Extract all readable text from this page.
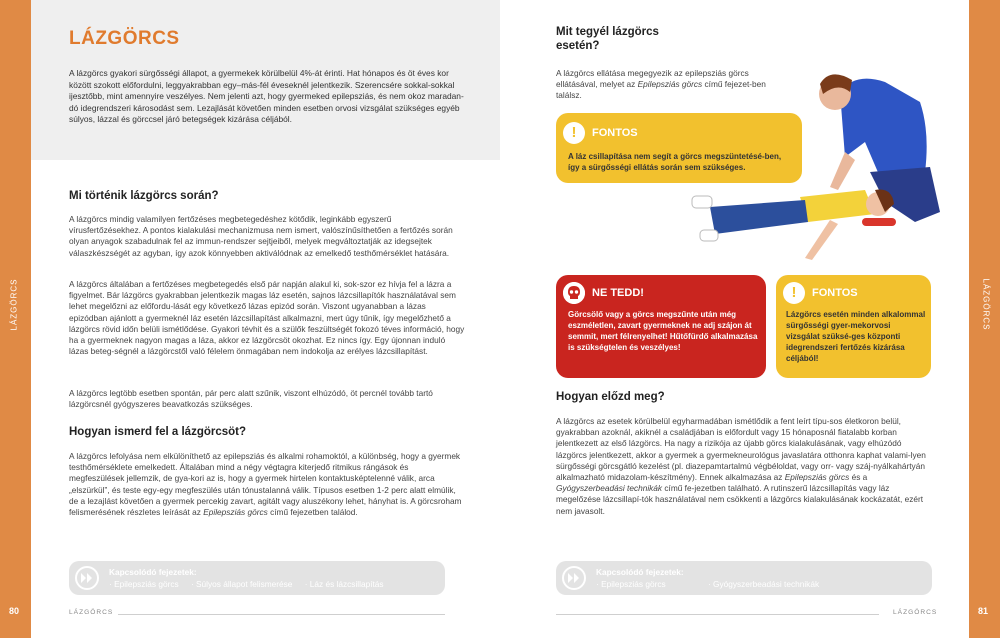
LÁZGÖRCS
80
LÁZGÖRCS
81
LÁZGÖRCS
A lázgörcs gyakori sürgősségi állapot, a gyermekek körülbelül 4%-át érinti. Hat hónapos és öt éves kor között szokott előfordulni, leggyakrabban egy–más-fél éveseknél jelentkezik. Szerencsére sokkal-sokkal ijesztőbb, mint amennyire veszélyes. Nem jelenti azt, hogy gyermeked epilepsziás, és nem okoz maradan-dó idegrendszeri károsodást sem. Lezajlását követően minden esetben orvosi vizsgálat szükséges egyéb súlyos, lázzal és görccsel járó betegségek kizárása céljából.
Mi történik lázgörcs során?
A lázgörcs mindig valamilyen fertőzéses megbetegedéshez kötődik, leginkább egyszerű vírusfertőzésekhez. A pontos kialakulási mechanizmusa nem ismert, valószínűsíthetően a fertőzés során olyan anyagok szabadulnak fel az immun-rendszer sejtjeiből, melyek megváltoztatják az idegsejtek válaszkészségét az agyban, így azok könnyebben aktiválódnak az emelkedő testhőmérséklet hatására.
A lázgörcs általában a fertőzéses megbetegedés első pár napján alakul ki, sok-szor ez hívja fel a lázra a figyelmet. Bár lázgörcs gyakrabban jelentkezik magas láz esetén, sajnos lázcsillapítók használatával sem lehet megelőzni az előfordu-lását egy következő lázas epizód során. Viszont ugyanabban a lázas epizódban ajánlott a gyermeknél láz esetén lázcsillapítást alkalmazni, mert úgy tűnik, így megelőzhető a lázgörcs rövid időn belüli ismétlődése. Gyakori tévhit és a szülők feszültségét fokozó téves információ, hogy ha a gyermeknek nagyon magas a láza, akkor ez lázgörcsöt okozhat. Ez nincs így. Egy újonnan induló lázas beteg-ségnél a lázgörcstől való félelem önmagában nem indokolja az erélyes lázcsillapítást.
A lázgörcs legtöbb esetben spontán, pár perc alatt szűnik, viszont elhúzódó, öt percnél tovább tartó lázgörcsnél gyógyszeres beavatkozás szükséges.
Hogyan ismerd fel a lázgörcsöt?
A lázgörcs lefolyása nem elkülöníthető az epilepsziás és alkalmi rohamoktól, a különbség, hogy a gyermek testhőmérséklete emelkedett. Általában mind a négy végtagra kiterjedő ritmikus rángások és megfeszülések jellemzik, de gya-kori az is, hogy a gyermek hirtelen kontaktusképtelenné válik, arca „elszürkül”, és teste egy-egy megfeszülés után tónustalanná válik. Típusos esetben 1-2 perc alatt elmúlik, de a lezajlást követően a gyermek percekig zavart, agitált vagy aluszékony lehet, hányhat is. A görcsroham felismerésének részletes leírását az Epilepsziás görcs című fejezetben találod.
Kapcsolódó fejezetek:
· Epilepsziás görcs · Súlyos állapot felismerése · Láz és lázcsillapítás
LÁZGÖRCS
Mit tegyél lázgörcs esetén?
A lázgörcs ellátása megegyezik az epilepsziás görcs ellátásával, melyet az Epilepsziás görcs című fejezet-ben találsz.
!	FONTOS
A láz csillapítása nem segít a görcs megszüntetésé-ben, így a sürgősségi ellátás során sem szükséges.
NE TEDD!
Görcsölő vagy a görcs megszűnte után még eszméletlen, zavart gyermeknek ne adj szájon át semmit, mert félrenyelhet! Hűtőfürdő alkalmazása is szükségtelen és veszélyes!
!	FONTOS
Lázgörcs esetén minden alkalommal sürgősségi gyer-mekorvosi vizsgálat szüksé-ges központi idegrendszeri fertőzés kizárása céljából!
Hogyan előzd meg?
A lázgörcs az esetek körülbelül egyharmadában ismétlődik a fent leírt típu-sos életkoron belül, gyakrabban azoknál, akiknél a családjában is előfordult vagy 15 hónaposnál fiatalabb korban jelentkezett az első lázgörcs. Ha nagy a rizikója az újabb görcs kialakulásának, vagy elhúzódó lázgörcs jelentkezett, akkor a gyermek a gyermekneurológus javaslatára otthonra kaphat valami-lyen sürgősségi görcsgátló kezelést (pl. diazepamtartalmú végbéloldat, vagy orr- vagy száj-nyálkahártyán alkalmazható midazolam-készítmény). Ennek alkalmazása az Epilepsziás görcs és a Gyógyszerbeadási technikák című fe-jezetben található. A rutinszerű lázcsillapítás vagy láz megelőzése lázcsillapí-tók használatával nem csökkenti a lázgörcs kialakulásának kockázatát, ezért nem javasolt.
Kapcsolódó fejezetek:
· Epilepsziás görcs	· Gyógyszerbeadási technikák
LÁZGÖRCS
